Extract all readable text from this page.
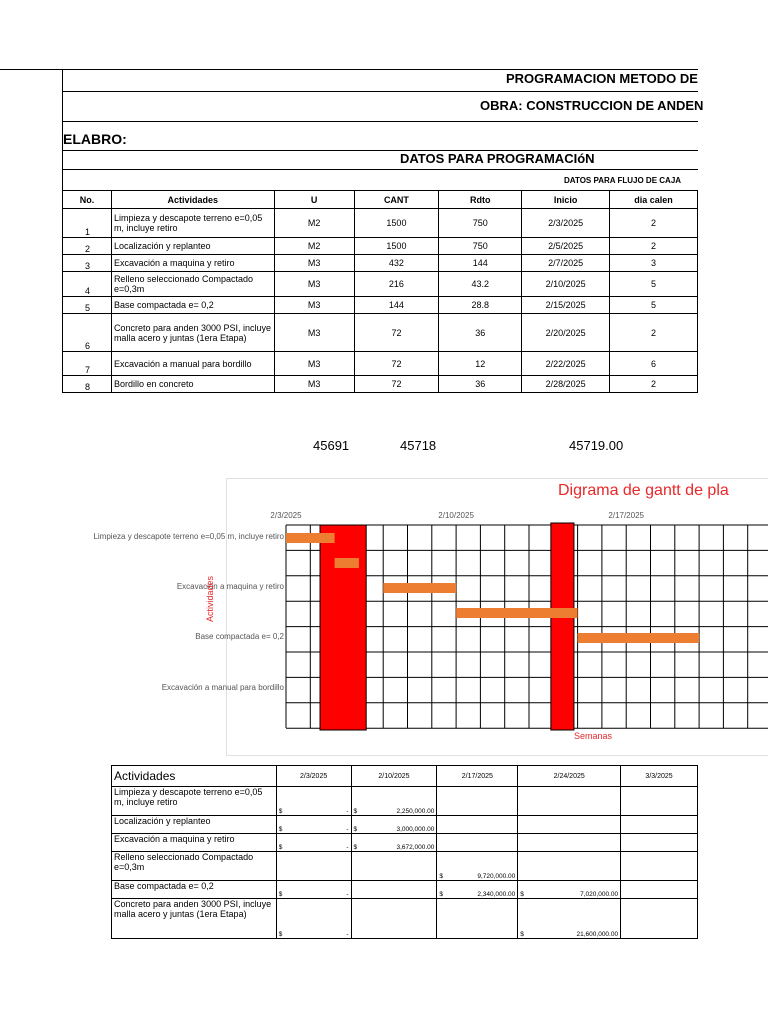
PROGRAMACION METODO DE
OBRA: CONSTRUCCION DE ANDEN
ELABRO:
DATOS PARA PROGRAMACIóN
DATOS PARA FLUJO DE CAJA
No.	Actividades	U	CANT	Rdto	Inicio	dia calen
1	Limpieza y descapote terreno e=0,05 m, incluye retiro	M2	1500	750	2/3/2025	2
2	Localización y replanteo	M2	1500	750	2/5/2025	2
3	Excavación a maquina y retiro	M3	432	144	2/7/2025	3
4	Relleno seleccionado Compactado e=0,3m	M3	216	43.2	2/10/2025	5
5	Base compactada e= 0,2	M3	144	28.8	2/15/2025	5
6	Concreto para anden 3000 PSI, incluye malla acero y juntas (1era Etapa)	M3	72	36	2/20/2025	2
7	Excavación a manual para bordillo	M3	72	12	2/22/2025	6
8	Bordillo en concreto	M3	72	36	2/28/2025	2
45691	45718	45719.00
Digrama de gantt de pla
2/3/2025	2/10/2025	2/17/2025
Limpieza y descapote terreno e=0,05 m, incluye retiro
Excavación a maquina y retiro
Base compactada e= 0,2
Excavación a manual para bordillo
Semanas
Actividades
Actividades	2/3/2025	2/10/2025	2/17/2025	2/24/2025	3/3/2025
Limpieza y descapote terreno e=0,05 m, incluye retiro	$ -	$ 2,250,000.00			

Localización y replanteo	$ -	$ 3,000,000.00			

Excavación a maquina y retiro	$ -	$ 3,672,000.00			

Relleno seleccionado Compactado e=0,3m			$ 9,720,000.00		

Base compactada e= 0,2	$ -		$ 2,340,000.00	$ 7,020,000.00	

Concreto para anden 3000 PSI, incluye malla acero y juntas (1era Etapa)	$ -			$ 21,600,000.00	
